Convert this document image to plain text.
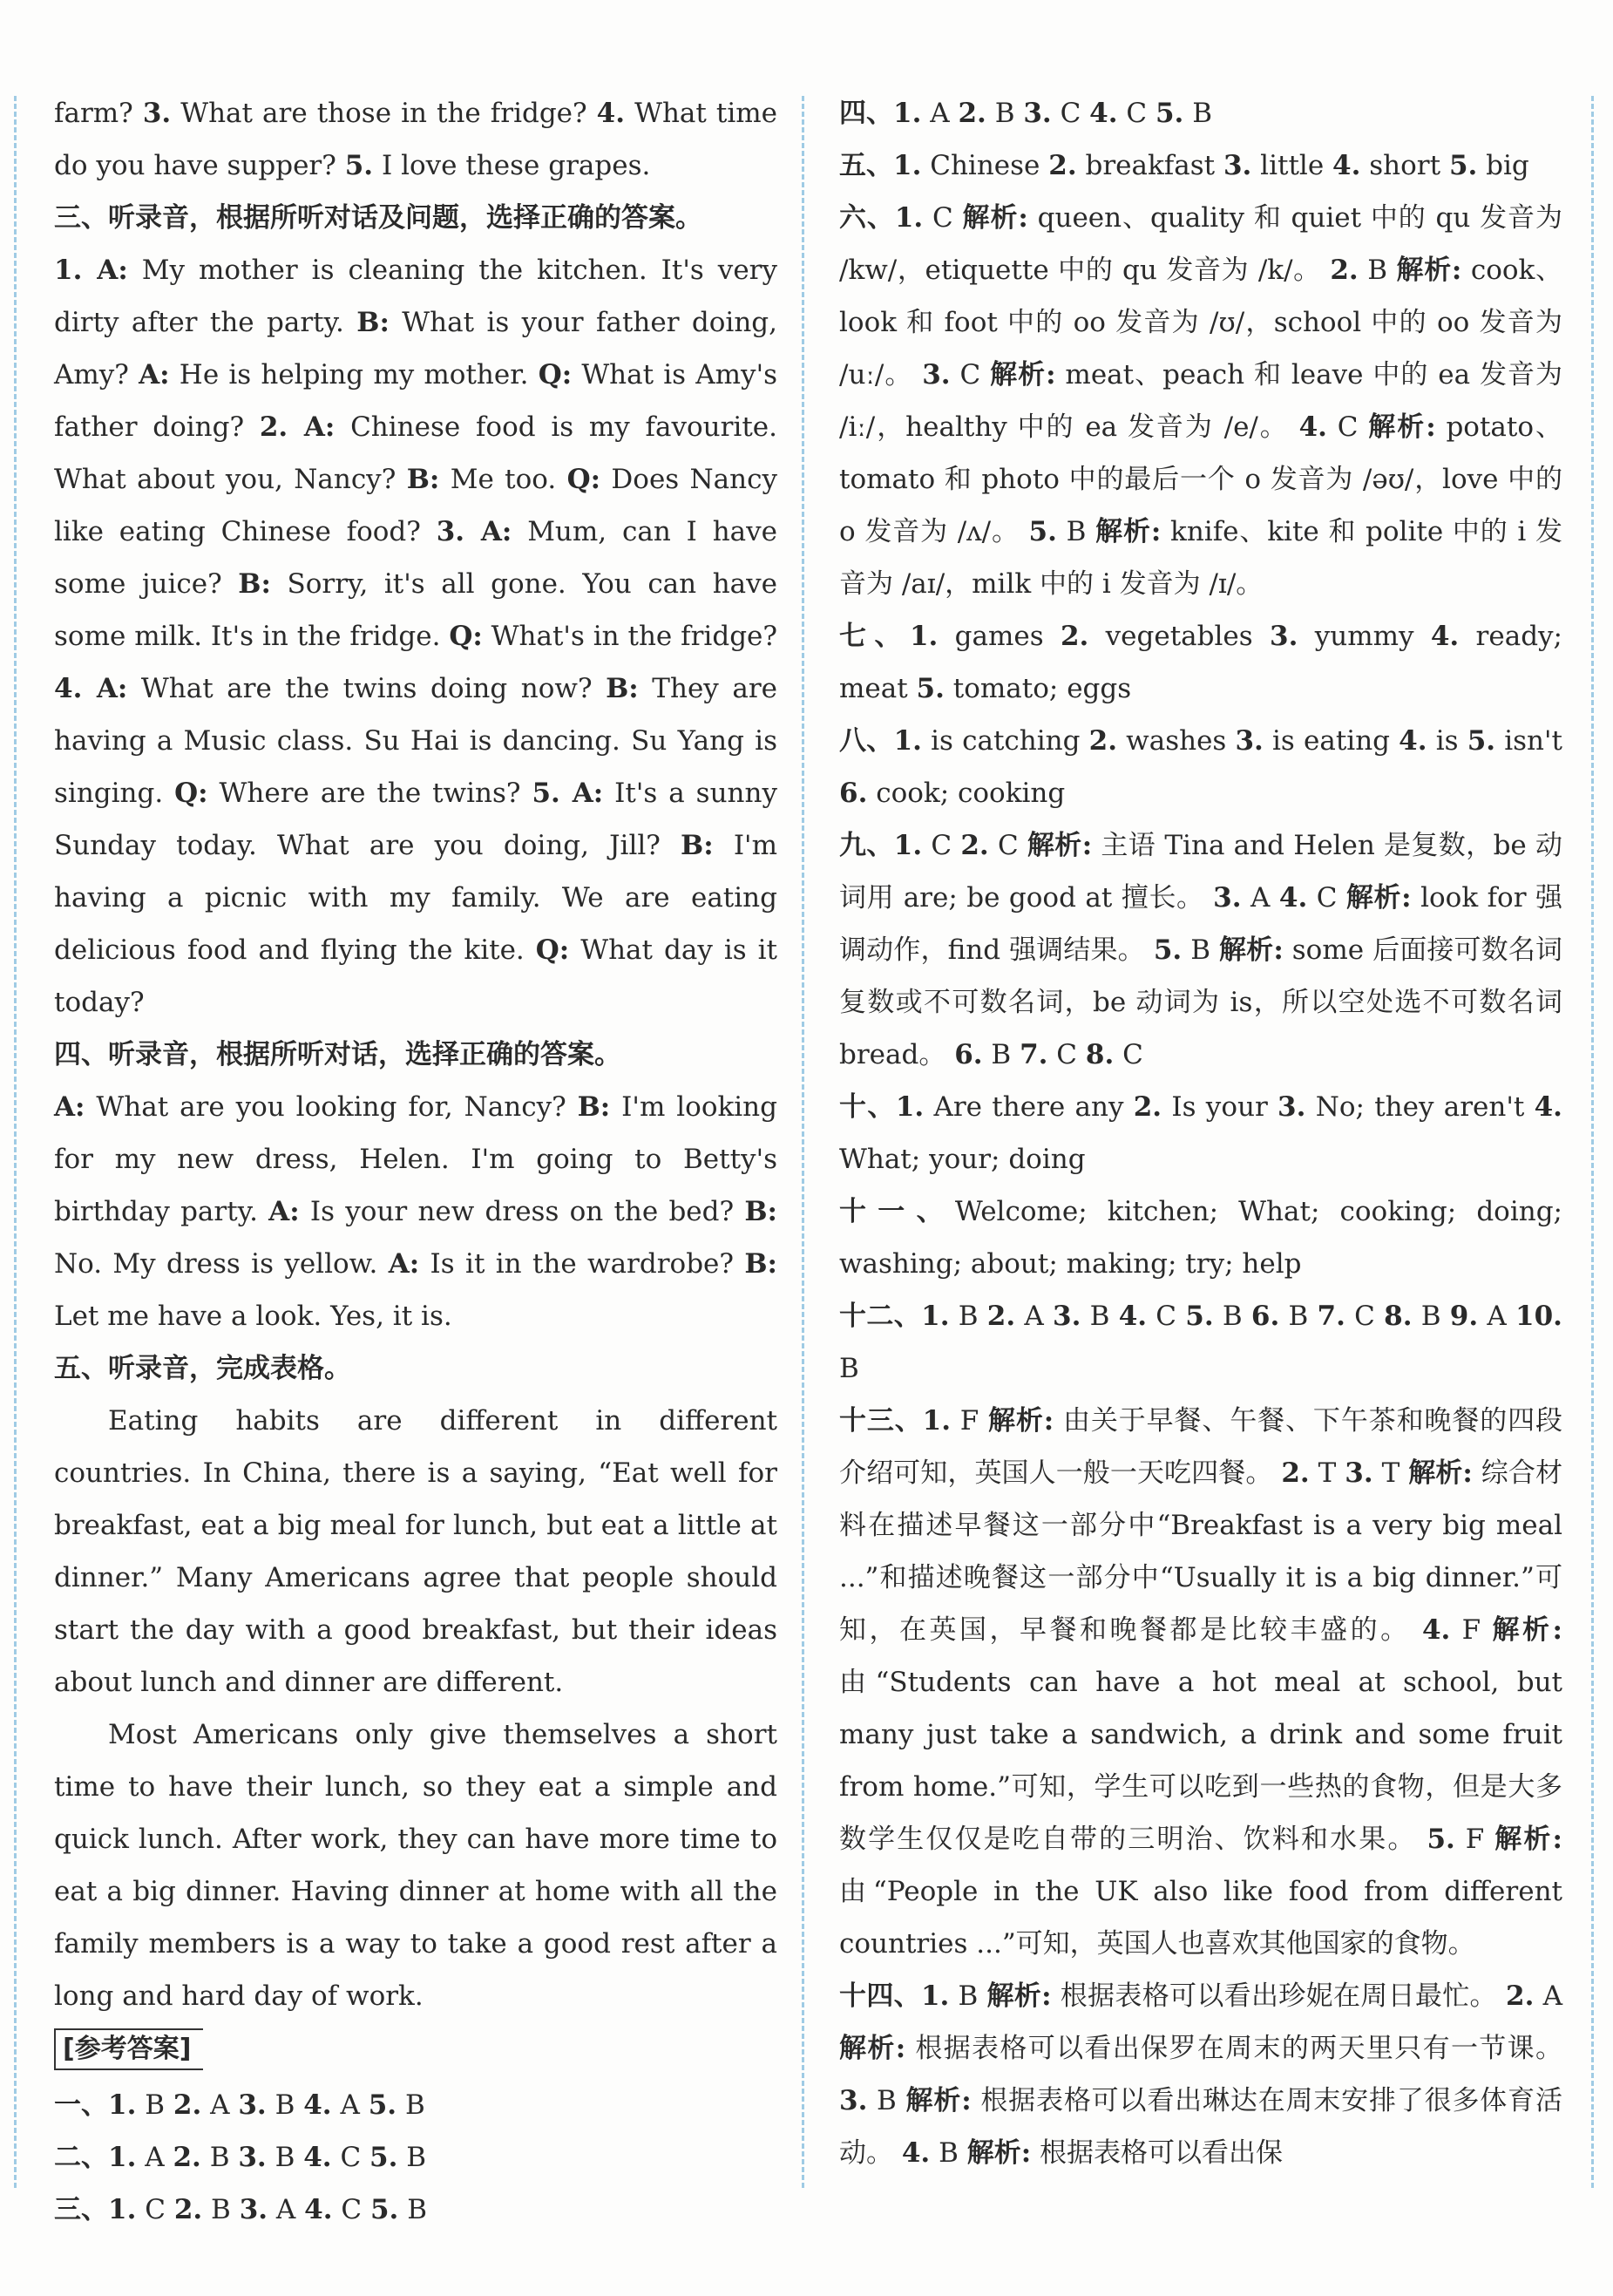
farm? 3. What are those in the fridge? 4. What time do you have supper? 5. I love these grapes.

三、听录音，根据所听对话及问题，选择正确的答案。

1. A: My mother is cleaning the kitchen. It's very dirty after the party. B: What is your father doing, Amy? A: He is helping my mother. Q: What is Amy's father doing? 2. A: Chinese food is my favourite. What about you, Nancy? B: Me too. Q: Does Nancy like eating Chinese food? 3. A: Mum, can I have some juice? B: Sorry, it's all gone. You can have some milk. It's in the fridge. Q: What's in the fridge? 4. A: What are the twins doing now? B: They are having a Music class. Su Hai is dancing. Su Yang is singing. Q: Where are the twins? 5. A: It's a sunny Sunday today. What are you doing, Jill? B: I'm having a picnic with my family. We are eating delicious food and flying the kite. Q: What day is it today?

四、听录音，根据所听对话，选择正确的答案。

A: What are you looking for, Nancy? B: I'm looking for my new dress, Helen. I'm going to Betty's birthday party. A: Is your new dress on the bed? B: No. My dress is yellow. A: Is it in the wardrobe? B: Let me have a look. Yes, it is.

五、听录音，完成表格。

Eating habits are different in different countries. In China, there is a saying, “Eat well for breakfast, eat a big meal for lunch, but eat a little at dinner.” Many Americans agree that people should start the day with a good breakfast, but their ideas about lunch and dinner are different.

Most Americans only give themselves a short time to have their lunch, so they eat a simple and quick lunch. After work, they can have more time to eat a big dinner. Having dinner at home with all the family members is a way to take a good rest after a long and hard day of work.

[参考答案]

一、1. B 2. A 3. B 4. A 5. B

二、1. A 2. B 3. B 4. C 5. B

三、1. C 2. B 3. A 4. C 5. B

四、1. A 2. B 3. C 4. C 5. B

五、1. Chinese 2. breakfast 3. little 4. short 5. big

六、1. C 解析: queen、quality 和 quiet 中的 qu 发音为 /kw/，etiquette 中的 qu 发音为 /k/。 2. B 解析: cook、look 和 foot 中的 oo 发音为 /ʊ/，school 中的 oo 发音为 /uː/。 3. C 解析: meat、peach 和 leave 中的 ea 发音为 /iː/，healthy 中的 ea 发音为 /e/。 4. C 解析: potato、tomato 和 photo 中的最后一个 o 发音为 /əʊ/，love 中的 o 发音为 /ʌ/。 5. B 解析: knife、kite 和 polite 中的 i 发音为 /aɪ/，milk 中的 i 发音为 /ɪ/。

七、1. games 2. vegetables 3. yummy 4. ready; meat 5. tomato; eggs

八、1. is catching 2. washes 3. is eating 4. is 5. isn't 6. cook; cooking

九、1. C 2. C 解析: 主语 Tina and Helen 是复数，be 动词用 are; be good at 擅长。 3. A 4. C 解析: look for 强调动作，find 强调结果。 5. B 解析: some 后面接可数名词复数或不可数名词，be 动词为 is，所以空处选不可数名词 bread。 6. B 7. C 8. C

十、1. Are there any 2. Is your 3. No; they aren't 4. What; your; doing

十一、Welcome; kitchen; What; cooking; doing; washing; about; making; try; help

十二、1. B 2. A 3. B 4. C 5. B 6. B 7. C 8. B 9. A 10. B

十三、1. F 解析: 由关于早餐、午餐、下午茶和晚餐的四段介绍可知，英国人一般一天吃四餐。 2. T 3. T 解析: 综合材料在描述早餐这一部分中“Breakfast is a very big meal ...”和描述晚餐这一部分中“Usually it is a big dinner.”可知，在英国，早餐和晚餐都是比较丰盛的。 4. F 解析: 由“Students can have a hot meal at school, but many just take a sandwich, a drink and some fruit from home.”可知，学生可以吃到一些热的食物，但是大多数学生仅仅是吃自带的三明治、饮料和水果。 5. F 解析: 由“People in the UK also like food from different countries ...”可知，英国人也喜欢其他国家的食物。

十四、1. B 解析: 根据表格可以看出珍妮在周日最忙。 2. A 解析: 根据表格可以看出保罗在周末的两天里只有一节课。 3. B 解析: 根据表格可以看出琳达在周末安排了很多体育活动。 4. B 解析: 根据表格可以看出保
